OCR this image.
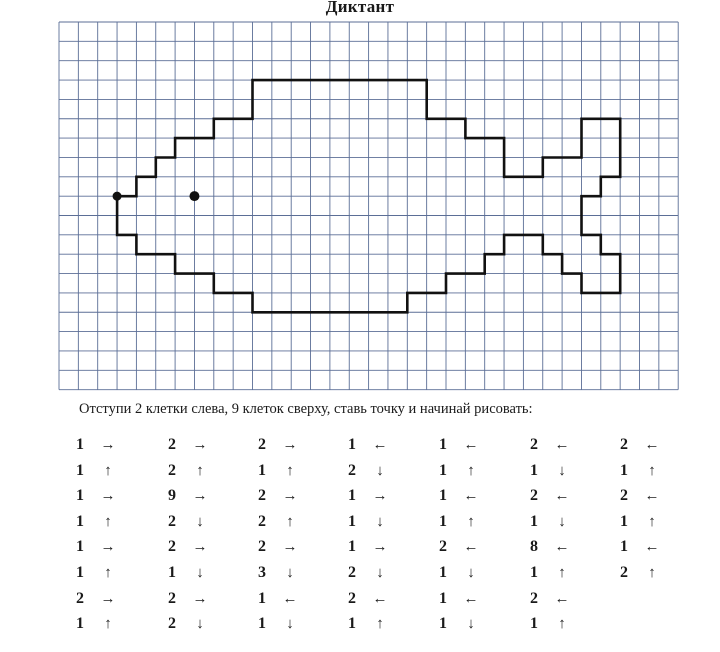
Диктант
Отступи 2 клетки слева, 9 клеток сверху, ставь точку и начинай рисовать:
1 →
1 ↑
1 →
1 ↑
1 →
1 ↑
2 →
1 ↑
2 →
2 ↑
9 →
2 ↓
2 →
1 ↓
2 →
2 ↓
2 →
1 ↑
2 →
2 ↑
2 →
3 ↓
1 ←
1 ↓
1 ←
2 ↓
1 →
1 ↓
1 →
2 ↓
2 ←
1 ↑
1 ←
1 ↑
1 ←
1 ↑
2 ←
1 ↓
1 ←
1 ↓
2 ←
1 ↓
2 ←
1 ↓
8 ←
1 ↑
2 ←
1 ↑
2 ←
1 ↑
2 ←
1 ↑
1 ←
2 ↑
